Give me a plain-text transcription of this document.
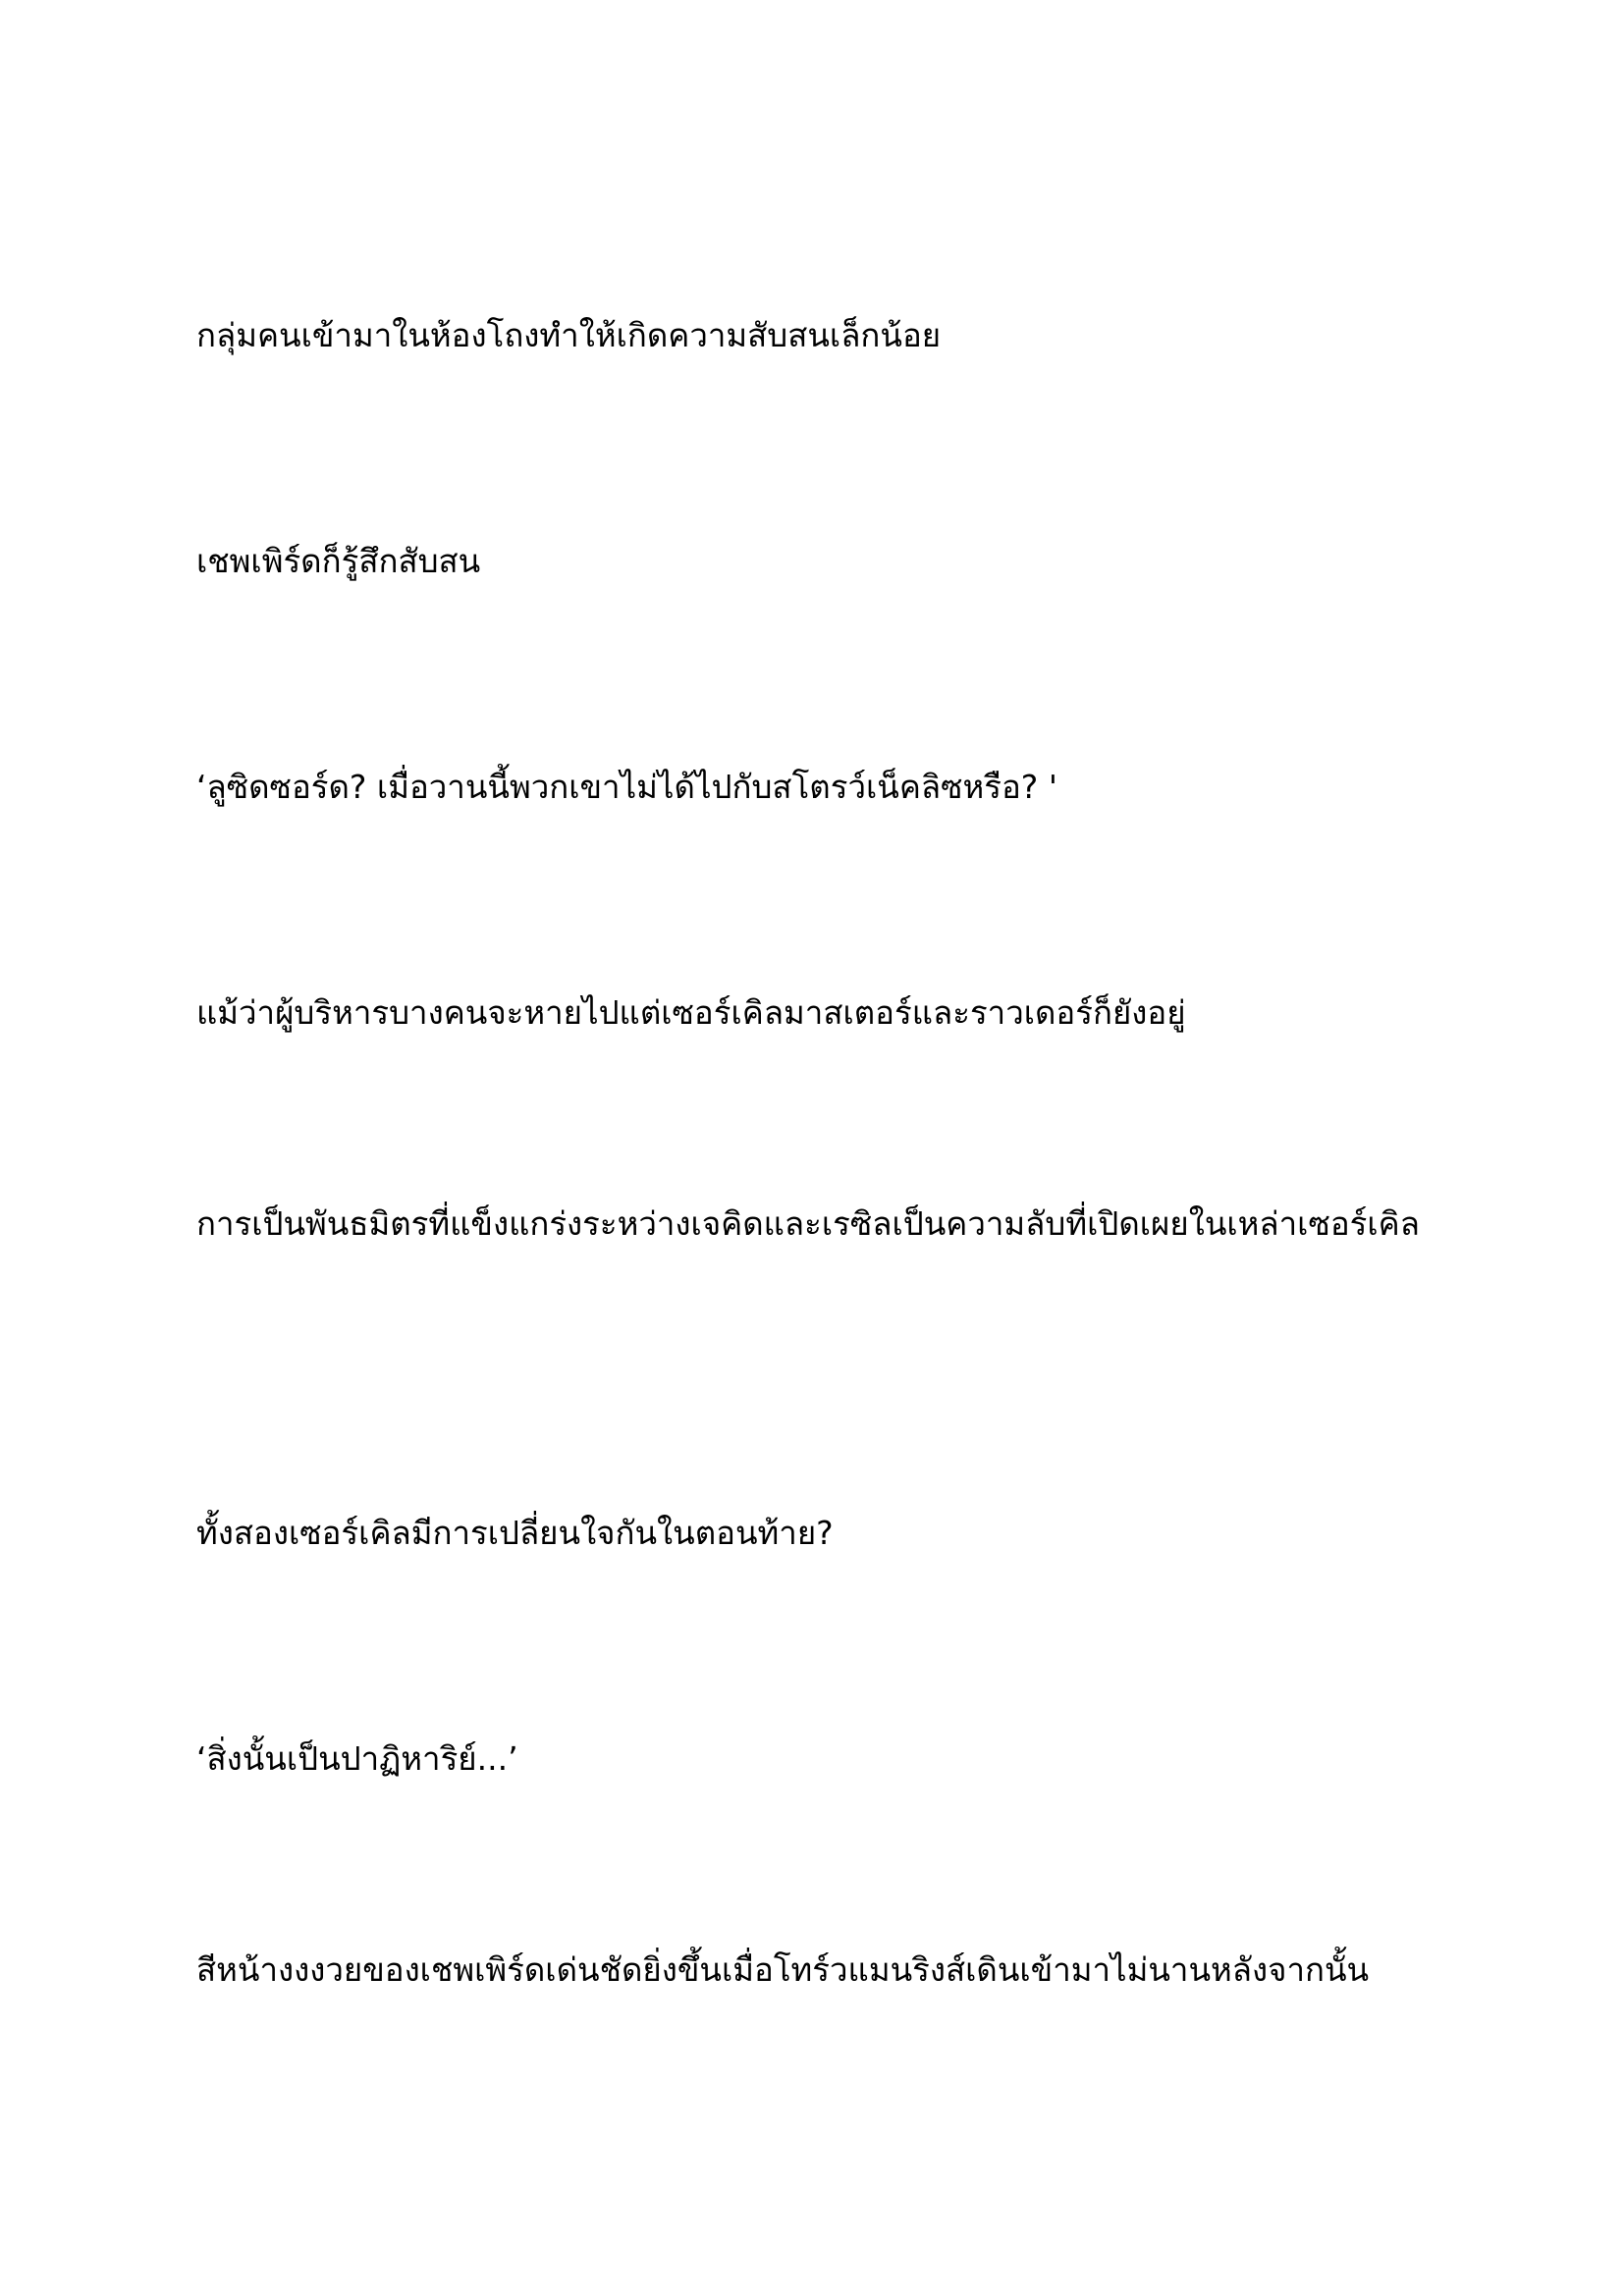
กลุ่มคนเข้ามาในห้องโถงทำให้เกิดความสับสนเล็กน้อย

เชพเพิร์ดก็รู้สึกสับสน

‘ลูซิดซอร์ด? เมื่อวานนี้พวกเขาไม่ได้ไปกับสโตรว์เน็คลิซหรือ? '

แม้ว่าผู้บริหารบางคนจะหายไปแต่เซอร์เคิลมาสเตอร์และราวเดอร์ก็ยังอยู่

การเป็นพันธมิตรที่แข็งแกร่งระหว่างเจคิดและเรซิลเป็นความลับที่เปิดเผยในเหล่าเซอร์เคิล

ทั้งสองเซอร์เคิลมีการเปลี่ยนใจกันในตอนท้าย?

‘สิ่งนั้นเป็นปาฏิหาริย์...’

สีหน้างงงวยของเชพเพิร์ดเด่นชัดยิ่งขึ้นเมื่อโทร์วแมนริงส์เดินเข้ามาไม่นานหลังจากนั้น
